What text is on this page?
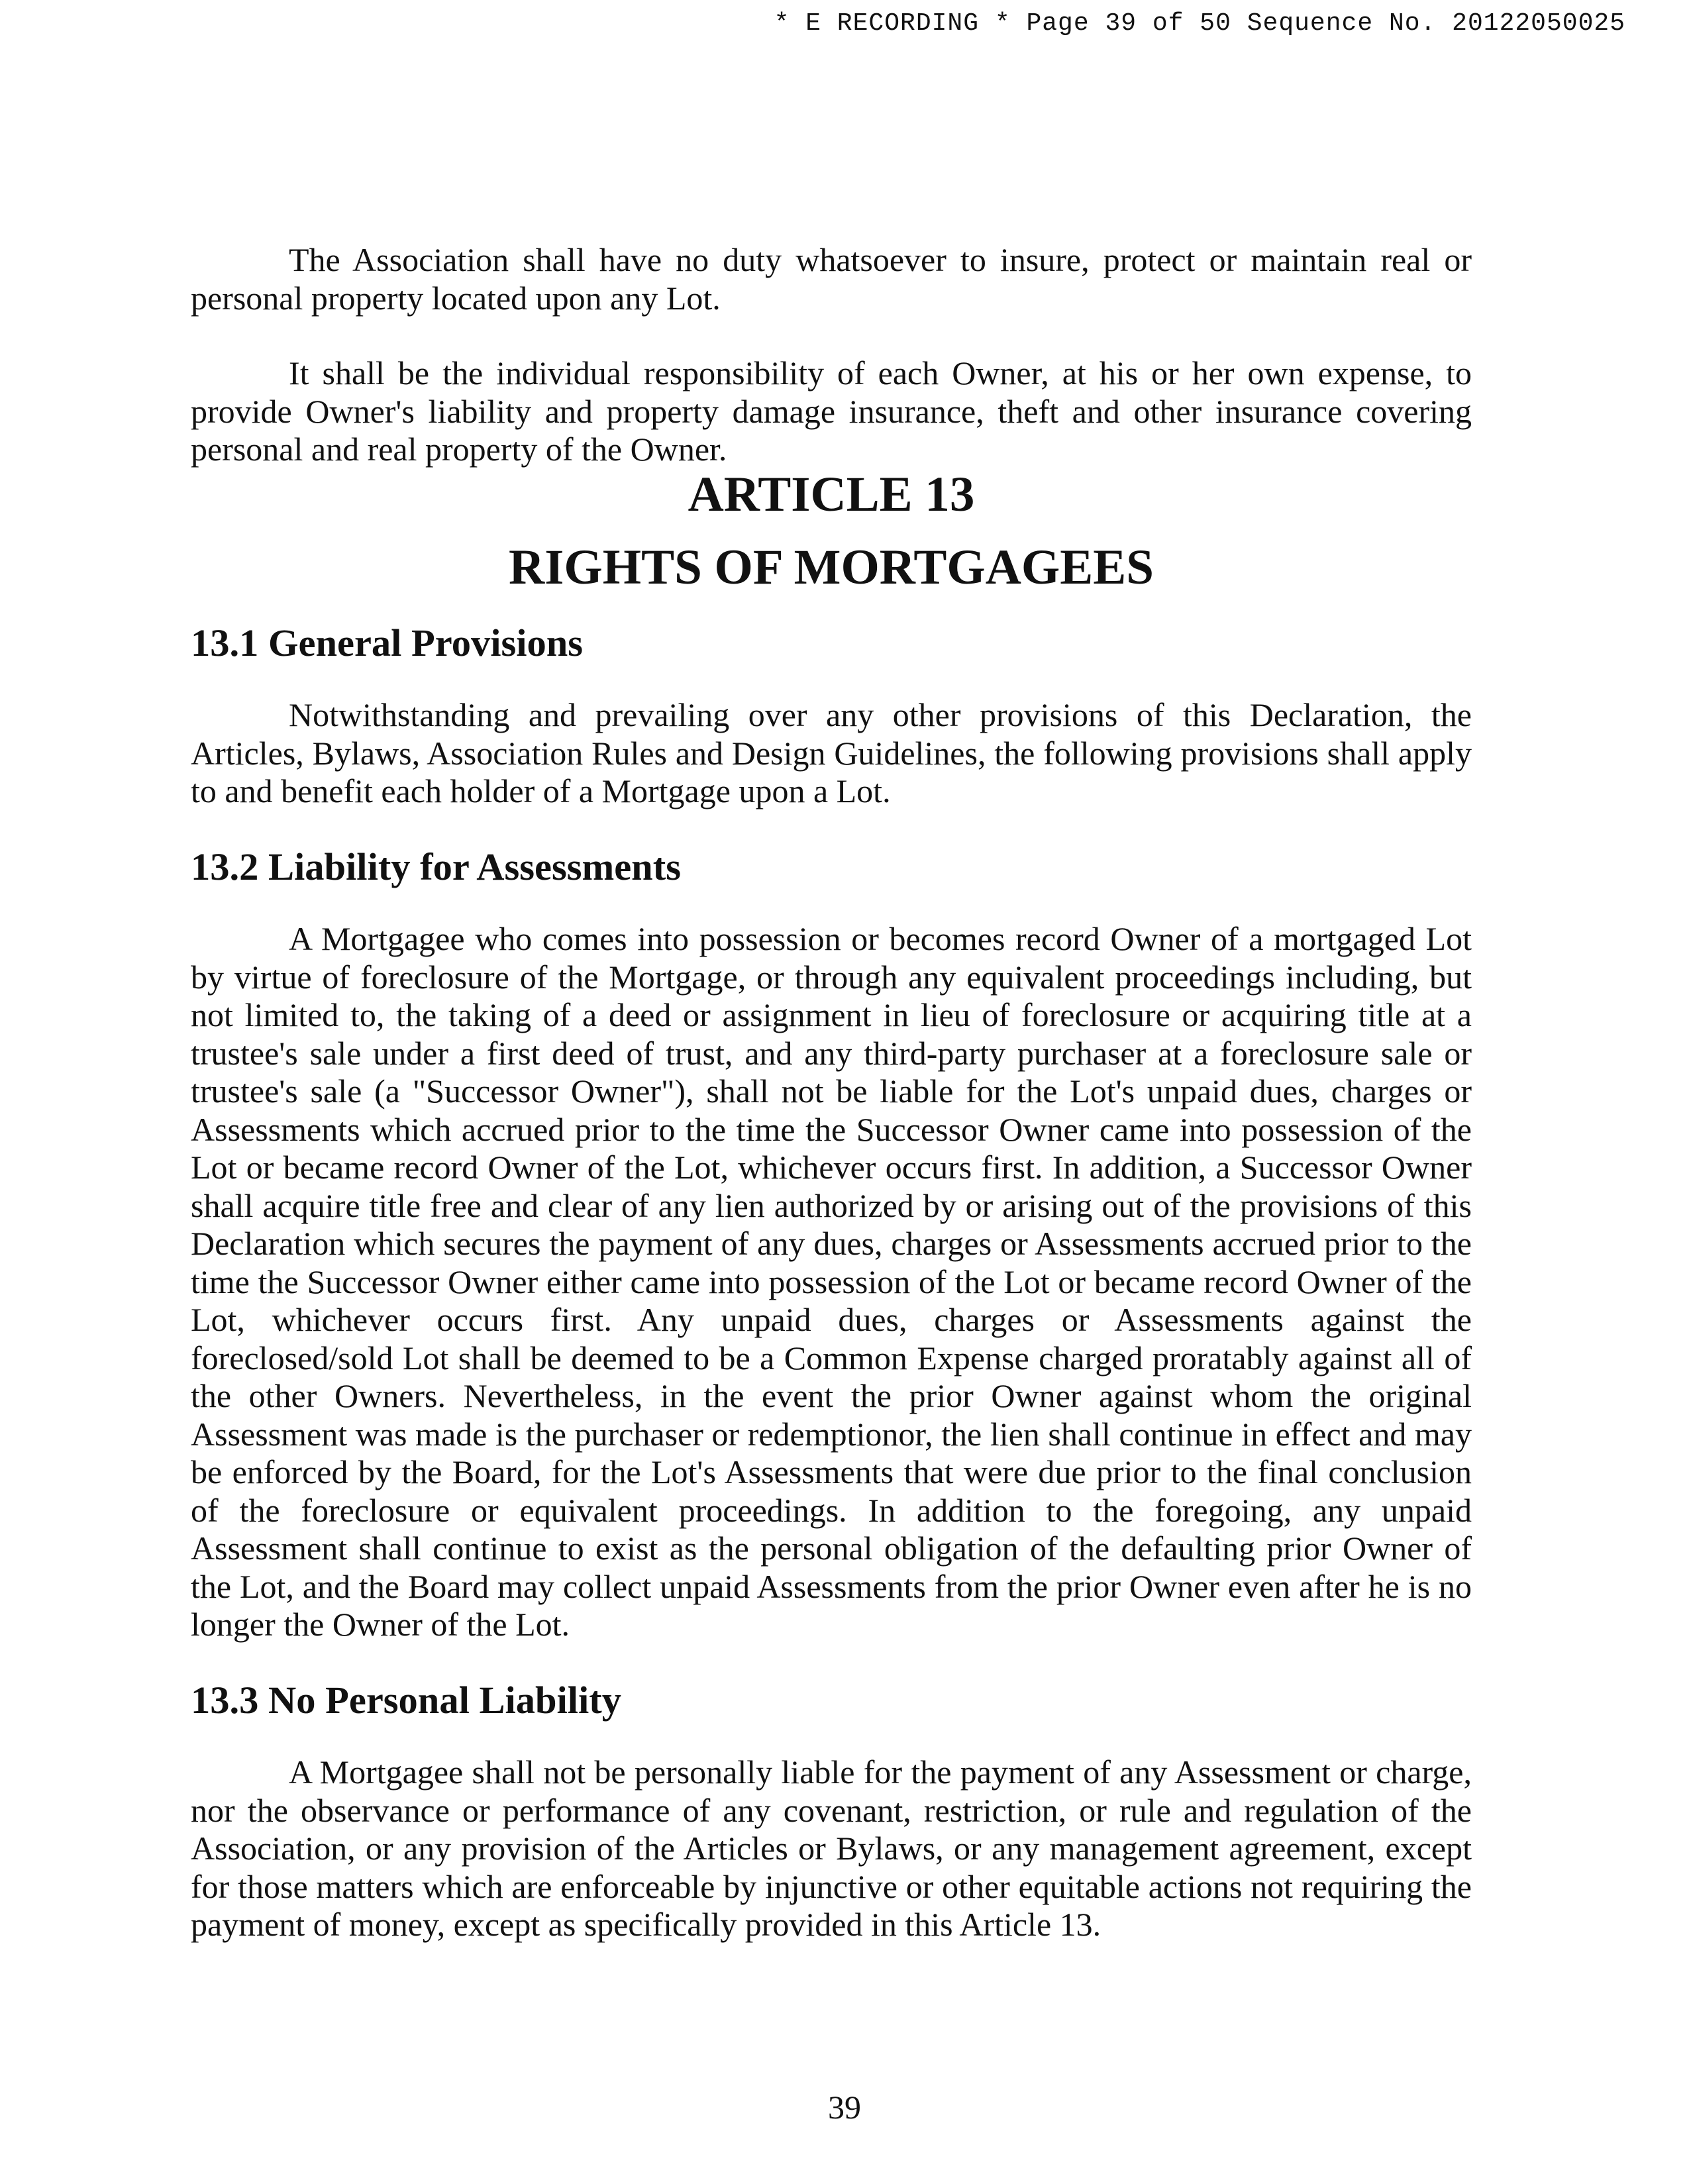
* E RECORDING * Page 39 of 50 Sequence No. 20122050025

The Association shall have no duty whatsoever to insure, protect or maintain real or personal property located upon any Lot.

It shall be the individual responsibility of each Owner, at his or her own expense, to provide Owner's liability and property damage insurance, theft and other insurance covering personal and real property of the Owner.

ARTICLE 13
RIGHTS OF MORTGAGEES
13.1 General Provisions

Notwithstanding and prevailing over any other provisions of this Declaration, the Articles, Bylaws, Association Rules and Design Guidelines, the following provisions shall apply to and benefit each holder of a Mortgage upon a Lot.

13.2 Liability for Assessments

A Mortgagee who comes into possession or becomes record Owner of a mortgaged Lot by virtue of foreclosure of the Mortgage, or through any equivalent proceedings including, but not limited to, the taking of a deed or assignment in lieu of foreclosure or acquiring title at a trustee's sale under a first deed of trust, and any third-party purchaser at a foreclosure sale or trustee's sale (a "Successor Owner"), shall not be liable for the Lot's unpaid dues, charges or Assessments which accrued prior to the time the Successor Owner came into possession of the Lot or became record Owner of the Lot, whichever occurs first. In addition, a Successor Owner shall acquire title free and clear of any lien authorized by or arising out of the provisions of this Declaration which secures the payment of any dues, charges or Assessments accrued prior to the time the Successor Owner either came into possession of the Lot or became record Owner of the Lot, whichever occurs first. Any unpaid dues, charges or Assessments against the foreclosed/sold Lot shall be deemed to be a Common Expense charged proratably against all of the other Owners. Nevertheless, in the event the prior Owner against whom the original Assessment was made is the purchaser or redemptionor, the lien shall continue in effect and may be enforced by the Board, for the Lot's Assessments that were due prior to the final conclusion of the foreclosure or equivalent proceedings. In addition to the foregoing, any unpaid Assessment shall continue to exist as the personal obligation of the defaulting prior Owner of the Lot, and the Board may collect unpaid Assessments from the prior Owner even after he is no longer the Owner of the Lot.

13.3 No Personal Liability

A Mortgagee shall not be personally liable for the payment of any Assessment or charge, nor the observance or performance of any covenant, restriction, or rule and regulation of the Association, or any provision of the Articles or Bylaws, or any management agreement, except for those matters which are enforceable by injunctive or other equitable actions not requiring the payment of money, except as specifically provided in this Article 13.

39
